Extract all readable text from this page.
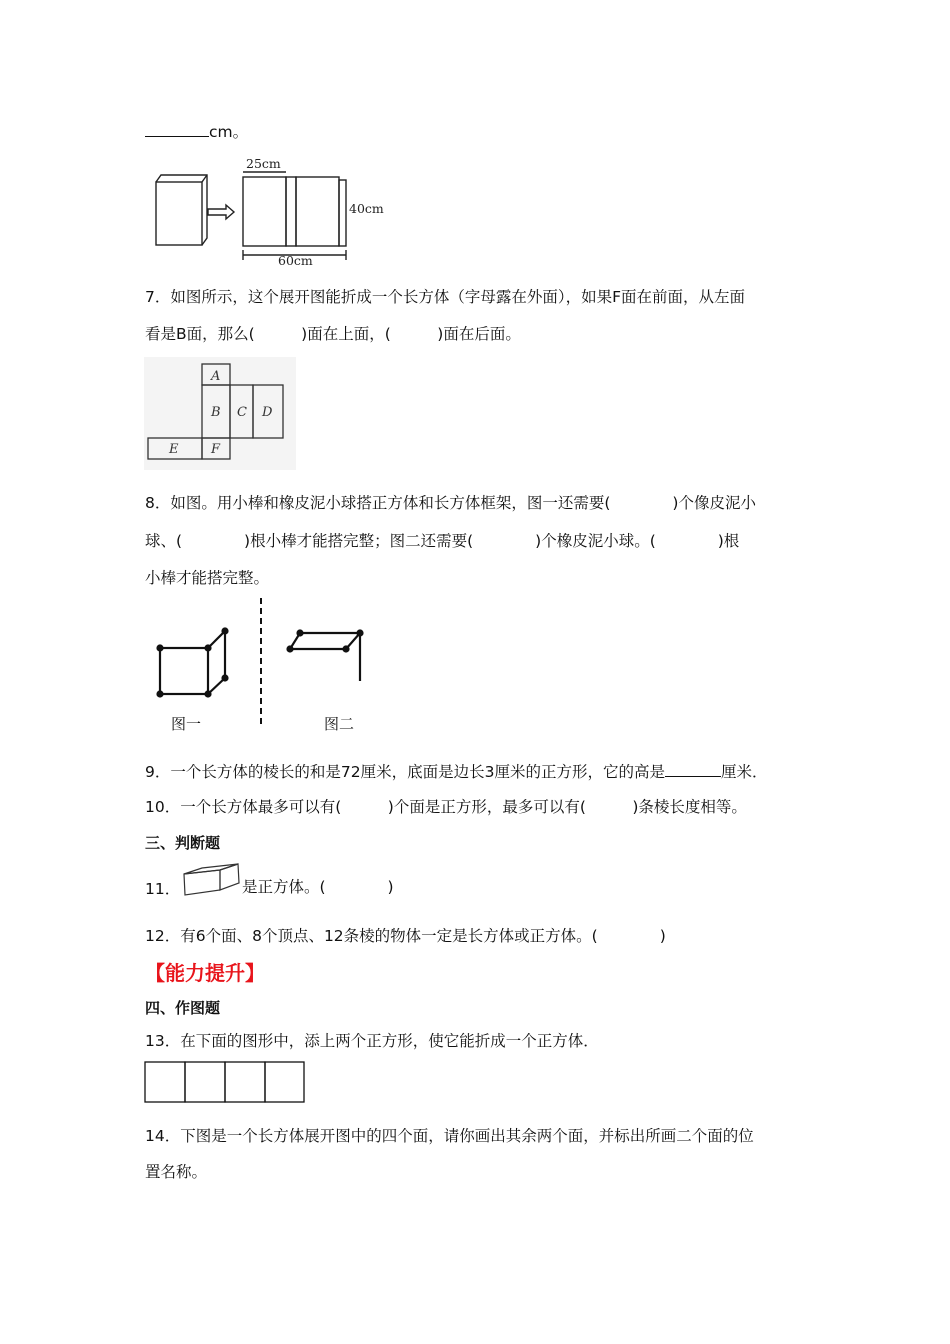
cm。
25cm
40cm
60cm
7．如图所示，这个展开图能折成一个长方体（字母露在外面），如果F面在前面，从左面
看是B面，那么(　　　)面在上面，(　　　)面在后面。
A
B C D
E	F
8．如图。用小棒和橡皮泥小球搭正方体和长方体框架，图一还需要(　　　　)个像皮泥小
球、(　　　　)根小棒才能搭完整；图二还需要(　　　　)个橡皮泥小球。(　　　　)根
小棒才能搭完整。
图一	图二
9．一个长方体的棱长的和是72厘米，底面是边长3厘米的正方形，它的高是	厘米．
10．一个长方体最多可以有(　　　)个面是正方形，最多可以有(　　　)条棱长度相等。
三、判断题
11．	是正方体。(　　　　)
12．有6个面、8个顶点、12条棱的物体一定是长方体或正方体。(　　　　)
【能力提升】
四、作图题
13．在下面的图形中，添上两个正方形，使它能折成一个正方体．
14．下图是一个长方体展开图中的四个面，请你画出其余两个面，并标出所画二个面的位
置名称。
